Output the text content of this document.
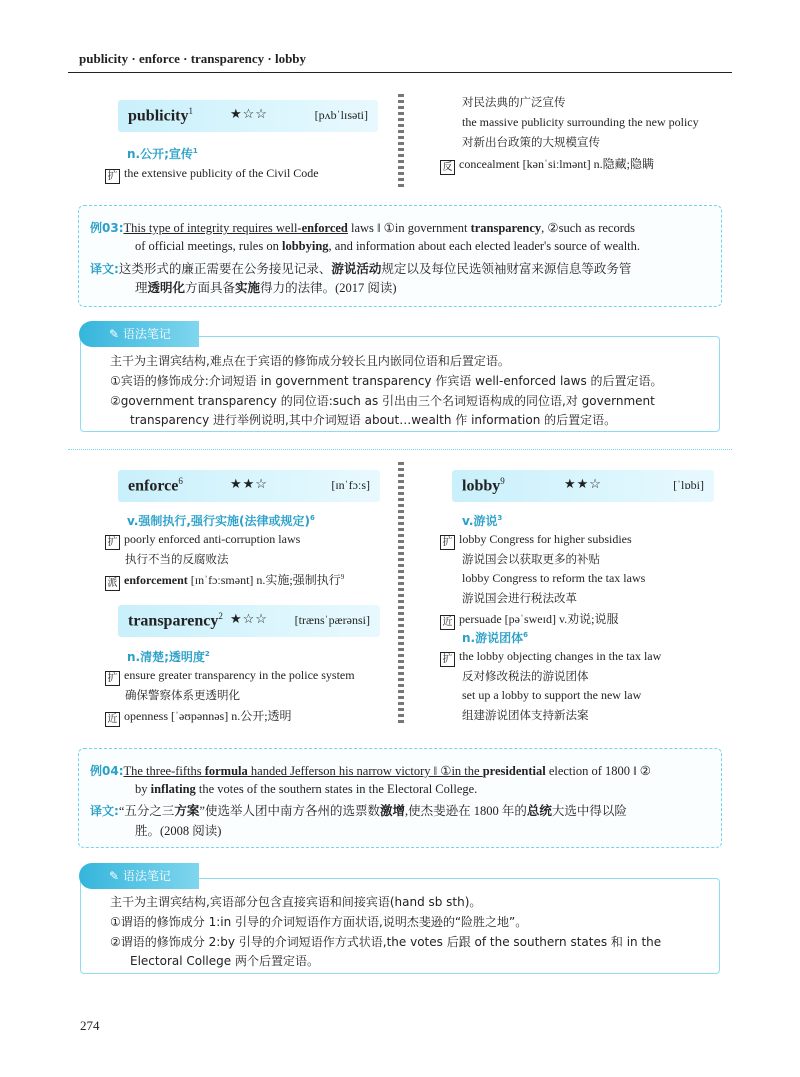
publicity · enforce · transparency · lobby
publicity$^1$	★☆☆	[pʌbˈlɪsəti]
n.公开;宣传$^1$
扩 the extensive publicity of the Civil Code
对民法典的广泛宣传
the massive publicity surrounding the new policy
对新出台政策的大规模宣传
反 concealment [kənˈsiːlmənt] n.隐藏;隐瞒
例03:This type of integrity requires well-enforced laws ‖ ①in government transparency, ②such as records
of official meetings, rules on lobbying, and information about each elected leader's source of wealth.
译文:这类形式的廉正需要在公务接见记录、游说活动规定以及每位民选领袖财富来源信息等政务管
理透明化方面具备实施得力的法律。(2017 阅读)
✎ 语法笔记
主干为主谓宾结构,难点在于宾语的修饰成分较长且内嵌同位语和后置定语。
①宾语的修饰成分:介词短语 in government transparency 作宾语 well-enforced laws 的后置定语。
②government transparency 的同位语:such as 引出由三个名词短语构成的同位语,对 government
transparency 进行举例说明,其中介词短语 about…wealth 作 information 的后置定语。
enforce$^6$	★★☆	[ɪnˈfɔːs]
v.强制执行,强行实施(法律或规定)$^6$
扩 poorly enforced anti-corruption laws
执行不当的反腐败法
派 enforcement [ɪnˈfɔːsmənt] n.实施;强制执行$^9$
transparency$^2$ ★☆☆ [trænsˈpærənsi]
n.清楚;透明度$^2$
扩 ensure greater transparency in the police system
确保警察体系更透明化
近 openness [ˈəʊpənnəs] n.公开;透明
lobby$^9$	★★☆	[ˈlɒbi]
v.游说$^3$
扩 lobby Congress for higher subsidies
游说国会以获取更多的补贴
lobby Congress to reform the tax laws
游说国会进行税法改革
近 persuade [pəˈsweɪd] v.劝说;说服
n.游说团体$^6$
扩 the lobby objecting changes in the tax law
反对修改税法的游说团体
set up a lobby to support the new law
组建游说团体支持新法案
例04:The three-fifths formula handed Jefferson his narrow victory ‖ ①in the presidential election of 1800 ‖ ②
by inflating the votes of the southern states in the Electoral College.
译文:“五分之三方案”使选举人团中南方各州的选票数激增,使杰斐逊在 1800 年的总统大选中得以险
胜。(2008 阅读)
✎ 语法笔记
主干为主谓宾结构,宾语部分包含直接宾语和间接宾语(hand sb sth)。
①谓语的修饰成分 1:in 引导的介词短语作方面状语,说明杰斐逊的“险胜之地”。
②谓语的修饰成分 2:by 引导的介词短语作方式状语,the votes 后跟 of the southern states 和 in the
Electoral College 两个后置定语。
274
